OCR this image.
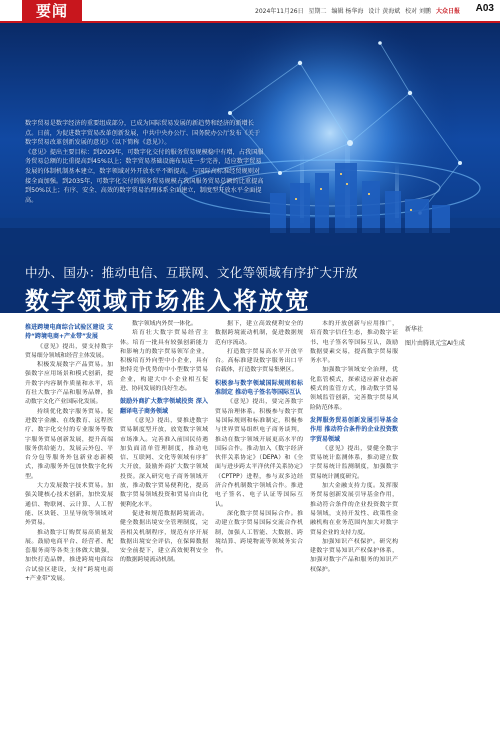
要闻	2024年11月26日 星期二 编辑 杨华海 设计 黄海斌 校对 刘鹏 大众日报 A03

数字贸易是数字经济的重要组成部分，已成为国际贸易发展的新趋势和经济的新增长点。日前，为促进数字贸易改革创新发展，中共中央办公厅、国务院办公厅发布《关于数字贸易改革创新发展的意见》（以下简称《意见》）。

《意见》提出主要目标：到2029年，可数字化交付的服务贸易规模稳中有增，占我国服务贸易总额的比重提高到45%以上；数字贸易基础设施布局进一步完善，适应数字贸易发展的体制机制基本建立，数字领域对外开放水平不断提高，与国际高标准经贸规则对接全面加强。到2035年，可数字化交付的服务贸易规模占我国服务贸易总额的比重提高到50%以上；有序、安全、高效的数字贸易治理体系全面建立，制度型开放水平全面提高。

中办、国办：推动电信、互联网、文化等领域有序扩大开放
数字领域市场准入将放宽
推进跨境电商综合试验区建设 支持“跨境电商+产业带”发展

《意见》提出，要支持数字贸易细分领域和经营主体发展。

积极发展数字产品贸易。加强数字应用场景和模式创新，提升数字内容制作质量和水平，培育壮大数字产品和服务品牌，推动数字文化产业国际化发展。

持续优化数字服务贸易。促进数字金融、在线教育、远程医疗、数字化交付的专业服务等数字服务贸易创新发展，提升高端服务供给能力，发展云外包、平台分包等服务外包新业态新模式，推动服务外包加快数字化转型。

大力发展数字技术贸易。加强关键核心技术创新，加快发展通信、物联网、云计算、人工智能、区块链、卫星导航等领域对外贸易。

推动数字订购贸易高质量发展。鼓励电商平台、经营者、配套服务商等各类主体做大做强，加快打造品牌，推进跨境电商综合试验区建设，支持“跨境电商+产业带”发展。

数字领域内外贸一体化。

培育壮大数字贸易经营主体。培育一批具有较强创新能力和影响力的数字贸易领军企业，积极培育外向型中小企业，具有独特竞争优势的中小型数字贸易企业，构建大中小企业相互促进、协同发展的良好生态。

鼓励外商扩大数字领域投资 深入翻译电子商务领域

《意见》提出，要推进数字贸易制度型开放，放宽数字领域市场准入。完善准入前国民待遇加负面清单管理制度，推动电信、互联网、文化等领域有序扩大开放，鼓励外商扩大数字领域投资。深入研究电子商务领域开放，推动数字贸易便利化，提高数字贸易领域投资和贸易自由化便利化水平。

促进和规范数据跨境流动。健全数据出境安全管理制度，完善相关机制程序，规范有序开展数据出境安全评估，在保障数据安全前提下，建立高效便利安全的数据跨境流动机制。

据下，建立高效便利安全的数据跨境流动机制，促进数据规范有序流动。

打造数字贸易高水平开放平台。高标准建设数字服务出口平台载体，打造数字贸易集聚区。

积极参与数字领域国际规则和标准制定 推动电子签名等国际互认

《意见》提出，要完善数字贸易治理体系。积极参与数字贸易国际规则和标准制定，积极参与世界贸易组织电子商务谈判，推动在数字领域开展更高水平的国际合作。推动加入《数字经济伙伴关系协定》（DEPA）和《全面与进步跨太平洋伙伴关系协定》（CPTPP）进程，参与双多边经济合作机制数字领域合作。推进电子签名、电子认证等国际互认。

深化数字贸易国际合作。推动建立数字贸易国际交流合作机制，加强人工智能、大数据、跨境结算、跨境物流等领域务实合作。

本的开放创新与应用推广，培育数字信任生态，推动数字证书、电子签名等国际互认，鼓励数据要素交易，提高数字贸易服务水平。

加强数字领域安全治理，优化监管模式，探索适应新业态新模式的监管方式，推动数字贸易领域监管创新，完善数字贸易风险防范体系。

发挥服务贸易创新发展引导基金作用 推动符合条件的企业投资数字贸易领域

《意见》提出，要健全数字贸易统计监测体系，推动建立数字贸易统计监测制度，加强数字贸易统计测度研究。

加大金融支持力度。发挥服务贸易创新发展引导基金作用，推动符合条件的企业投资数字贸易领域，支持开发性、政策性金融机构在业务范围内加大对数字贸易企业的支持力度。

加强知识产权保护。研究构建数字贸易知识产权保护体系，加强对数字产品和服务的知识产权保护。

新华社
图片由腾讯元宝AI生成
